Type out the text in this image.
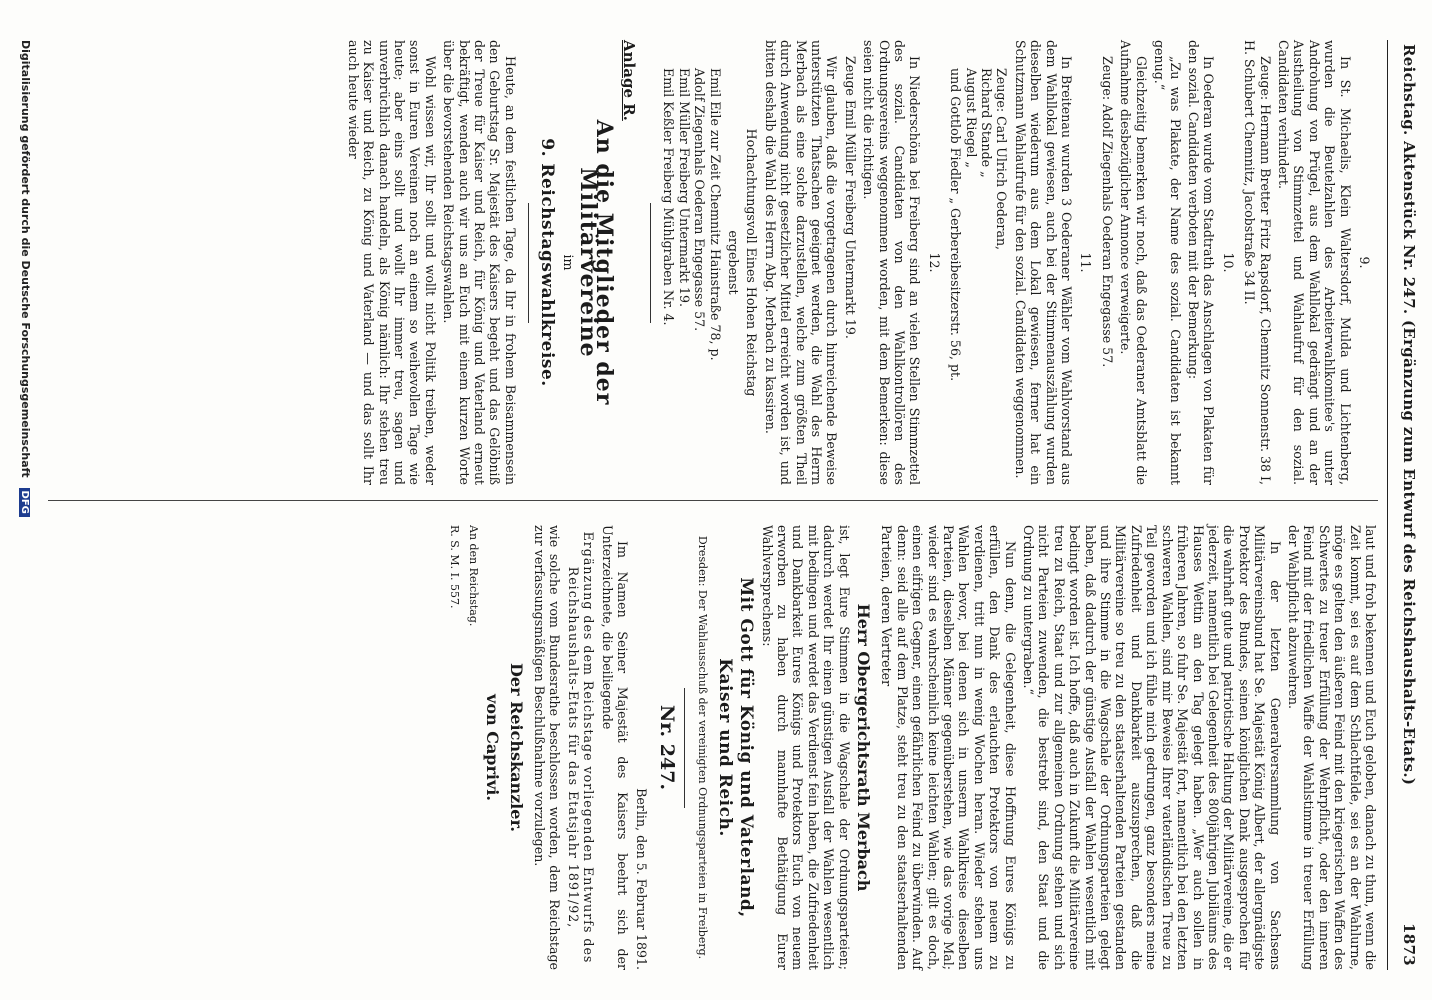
Reichstag. Aktenstück Nr. 247. (Ergänzung zum Entwurf des Reichshaushalts-Etats.)
1873

9.

In St. Michaelis, Klein Waltersdorf, Mulda und Lichtenberg, wurden die Beutelzahlen des Arbeiterwahlkomitee's unter Androhung von Prügel, aus dem Wahllokal gedrängt und an der Austheilung von Stimmzettel und Wahlaufruf für den sozial. Candidaten verhindert.

Zeuge: Hermann Bretter Fritz Rapsdorf, Chemnitz Sonnenstr. 38 I, H. Schubert Chemnitz, Jacobstraße 34 II.

10.

In Oederan wurde vom Stadtrath das Anschlagen von Plakaten für den sozial. Candidaten verboten mit der Bemerkung:

„Zu was Plakate, der Name des sozial. Candidaten ist bekannt genug.“

Gleichzeitig bemerken wir noch, daß das Oederaner Amtsblatt die Aufnahme diesbezüglicher Annonce verweigerte.

Zeuge: Adolf Ziegenhals Oederan Engegasse 57.

11.

In Breitenau wurden 3 Oederaner Wähler vom Wahlvorstand aus dem Wahllokal gewiesen, auch bei der Stimmenauszählung wurden dieselben wiederum aus dem Lokal gewiesen, ferner hat ein Schutzmann Wahlaufrufe für den sozial. Candidaten weggenommen.

Zeuge: Carl Ulrich Oederan,

Richard Stande „

August Riegel „

und Gottlob Fiedler „ Gerbereibesitzerstr. 56, pt.

12.

In Niederschöna bei Freiberg sind an vielen Stellen Stimmzettel des sozial. Candidaten von den Wahlkontrollören des Ordnungsvereins weggenommen worden, mit dem Bemerken: diese seien nicht die richtigen.

Zeuge Emil Müller Freiberg Untermarkt 19.

Wir glauben, daß die vorgetragenen durch hinreichende Beweise unterstützten Thatsachen geeignet werden, die Wahl des Herrn Merbach als eine solche darzustellen, welche zum größten Theil durch Anwendung nicht gesetzlicher Mittel erreicht worden ist, und bitten deshalb die Wahl des Herrn Abg. Merbach zu kassiren.

Hochachtungsvoll Eines Hohen Reichstag

ergebenst

Emil Eile zur Zeit Chemnitz Hainstraße 78, p.

Adolf Ziegenhals Oederan Engegasse 57.

Emil Müller Freiberg Untermarkt 19.

Emil Keßler Freiberg Mühlgraben Nr. 4.

Anlage R.

An die Mitglieder der Militärvereine

im

9. Reichstagswahlkreise.

Heute, an dem festlichen Tage, da Ihr in frohem Beisammensein den Geburtstag Sr. Majestät des Kaisers begeht und das Gelöbniß der Treue für Kaiser und Reich, für König und Vaterland erneut bekräftigt, wenden auch wir uns an Euch mit einem kurzen Worte über die bevorstehenden Reichstagswahlen.

Wohl wissen wir, Ihr sollt und wollt nicht Politik treiben, weder sonst in Euren Vereinen noch an einem so weihevollen Tage wie heute; aber eins sollt und wollt Ihr immer treu, sagen und unverbrüchlich danach handeln, als König nämlich: Ihr stehen treu zu Kaiser und Reich, zu König und Vaterland — und das sollt Ihr auch heute wieder

laut und froh bekennen und Euch geloben, danach zu thun, wenn die Zeit kommt, sei es auf dem Schlachtfelde, sei es an der Wahlurne, möge es gelten den äußeren Feind mit den kriegerischen Waffen des Schwertes zu treuer Erfüllung der Wehrpflicht, oder den inneren Feind mit der friedlichen Waffe der Wahlstimme in treuer Erfüllung der Wahlpflicht abzuwehren.

In der letzten Generalversammlung von Sachsens Militärvereinsbund hat Se. Majestät König Albert, der allergnädigste Protektor des Bundes, seinen königlichen Dank ausgesprochen für die wahrhaft gute und patriotische Haltung der Militärvereine, die er jederzeit, namentlich bei Gelegenheit des 800jährigen Jubiläums des Hauses Wettin an den Tag gelegt haben. „Wer auch sollen in früheren Jahren, so fuhr Se. Majestät fort, namentlich bei den letzten schweren Wahlen, sind mir Beweise Ihrer vaterländischen Treue zu Teil geworden und ich fühle mich gedrungen, ganz besonders meine Zufriedenheit und Dankbarkeit auszusprechen, daß die Militärvereine so treu zu den staatserhaltenden Parteien gestanden und ihre Stimme in die Wagschale der Ordnungsparteien gelegt haben, daß dadurch der günstige Ausfall der Wahlen wesentlich mit bedingt worden ist. Ich hoffe, daß auch in Zukunft die Militärvereine treu zu Reich, Staat und zur allgemeinen Ordnung stehen und sich nicht Parteien zuwenden, die bestrebt sind, den Staat und die Ordnung zu untergraben.“

Nun denn, die Gelegenheit, diese Hoffnung Eures Königs zu erfüllen, den Dank des erlauchten Protektors von neuem zu verdienen, tritt nun in wenig Wochen heran. Wieder stehen uns Wahlen bevor, bei denen sich in unserm Wahlkreise dieselben Parteien, dieselben Männer gegenüberstehen, wie das vorige Mal; wieder sind es wahrscheinlich keine leichten Wahlen; gilt es doch, einen eifrigen Gegner, einen gefährlichen Feind zu überwinden. Auf denn: seid alle auf dem Platze, steht treu zu den staatserhaltenden Parteien, deren Vertreter

Herr Obergerichtsrath Merbach

ist, legt Eure Stimmen in die Wagschale der Ordnungsparteien; dadurch werdet Ihr einen günstigen Ausfall der Wahlen wesentlich mit bedingen und werdet das Verdienst fein haben, die Zufriedenheit und Dankbarkeit Eures Königs und Protektors Euch von neuem erworben zu haben durch mannhafte Bethätigung Eurer Wahlversprechens:

Mit Gott für König und Vaterland,

Kaiser und Reich.

Dresden: Der Wahlausschuß der vereinigten Ordnungsparteien in Freiberg.

Nr. 247.

Berlin, den 5. Februar 1891.

Im Namen Seiner Majestät des Kaisers beehrt sich der Unterzeichnete, die beiliegende

Ergänzung des dem Reichstage vorliegenden Entwurfs des Reichshaushalts-Etats für das Etatsjahr 1891/92,

wie solche vom Bundesrathe beschlossen worden, dem Reichstage zur verfassungsmäßigen Beschlußnahme vorzulegen.

Der Reichskanzler.

von Caprivi.

An den Reichstag.

R. S. M. I. 557.

Digitalisierung gefördert durch die Deutsche Forschungsgemeinschaft DFG
